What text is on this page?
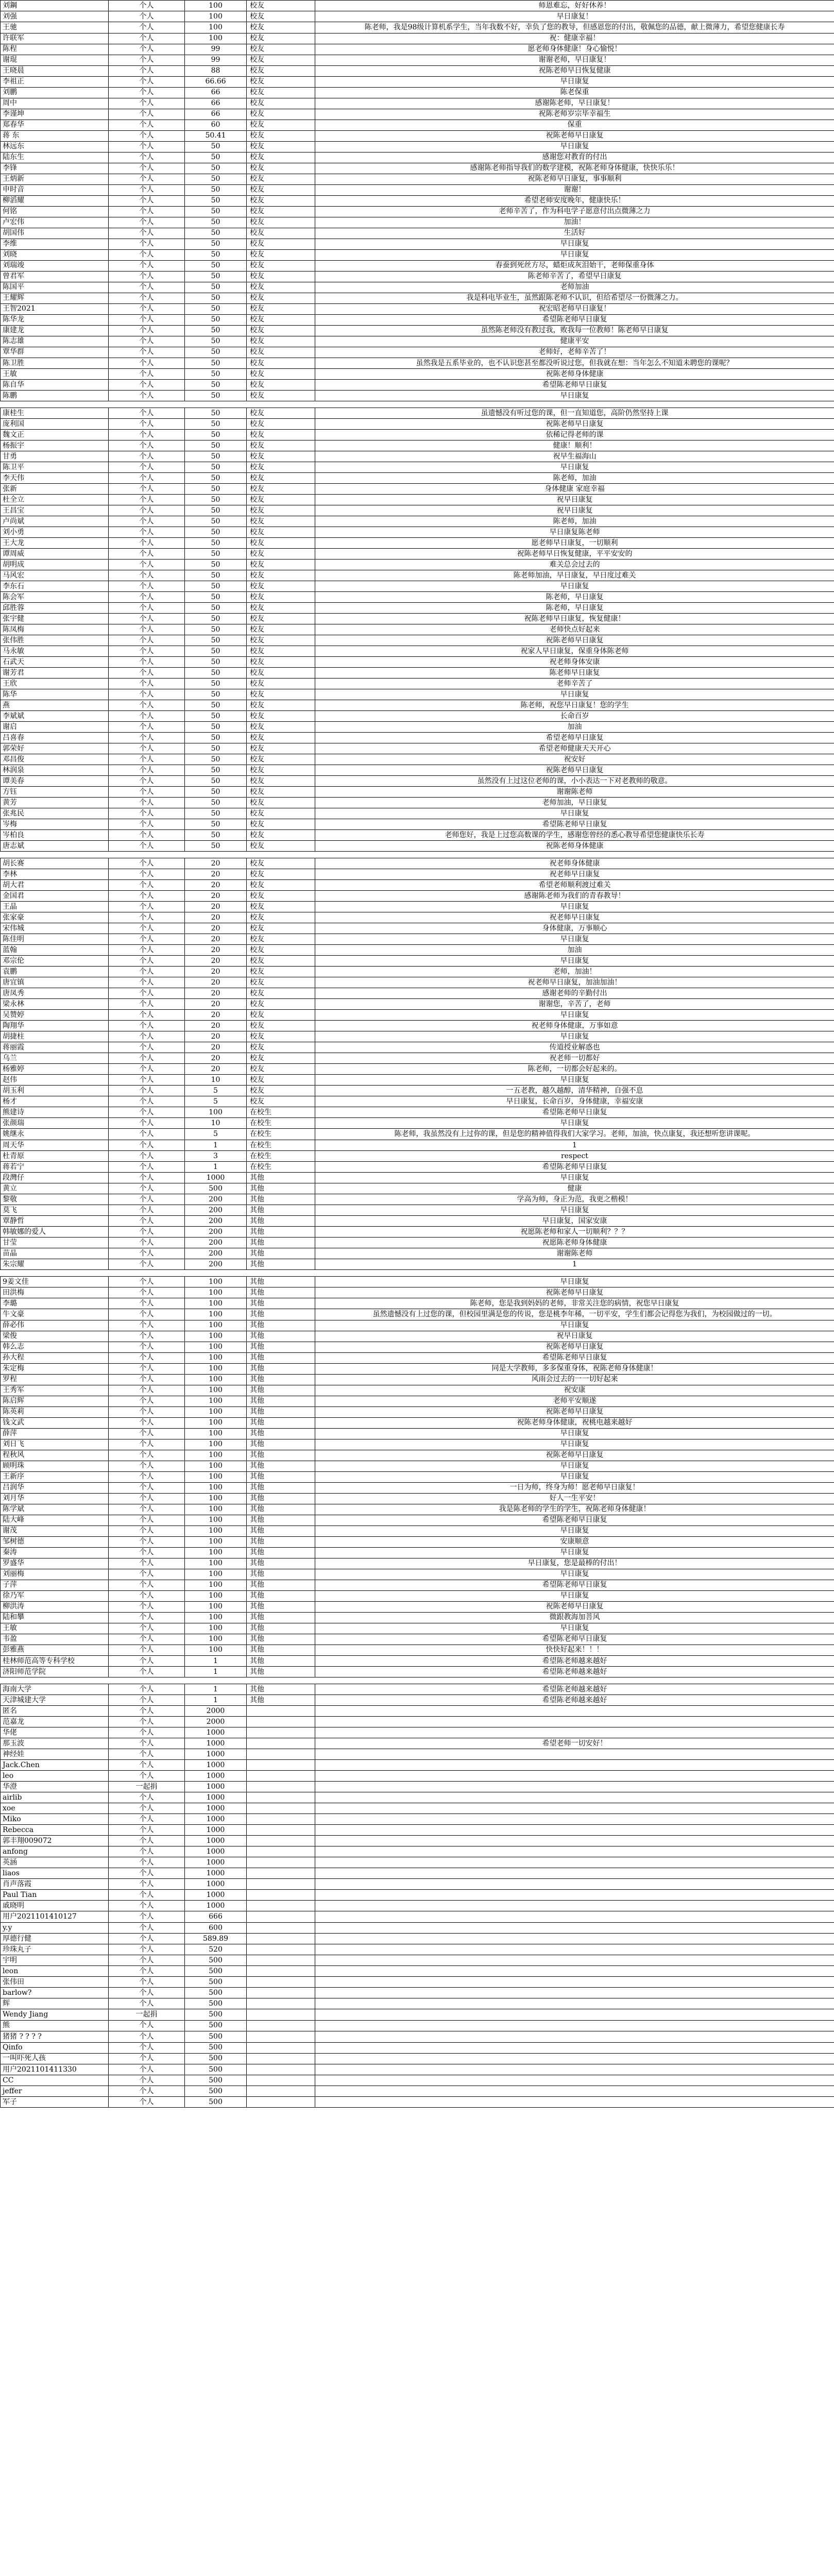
刘鋼	个人	100	校友	师恩难忘，好好休养！
刘强	个人	100	校友	早日康复！
王驰	个人	100	校友	陈老师，我是98级计算机系学生，当年我数不好，幸负了您的教导，但感恩您的付出，敬佩您的品德，献上微薄力，希望您健康长寿
许联军	个人	100	校友	祝：健康幸福！
陈程	个人	99	校友	愿老师身体健康！身心愉悦！
谢琨	个人	99	校友	谢谢老师，早日康复！
王晓晨	个人	88	校友	祝陈老师早日恢复健康
李祖正	个人	66.66	校友	早日康复
刘鹏	个人	66	校友	陈老保重
周中	个人	66	校友	感谢陈老师，早日康复！
李谨坤	个人	66	校友	祝陈老师岁宗毕幸福生
郑春华	个人	60	校友	保重
蒋 东	个人	50.41	校友	祝陈老师早日康复
林远东	个人	50	校友	早日康复
陆东生	个人	50	校友	感谢您对教育的付出
李锋	个人	50	校友	感谢陈老师指导我们的数学建模，祝陈老师身体健康，快快乐乐！
王炳新	个人	50	校友	祝陈老师早日康复，事事顺利
申时音	个人	50	校友	谢谢！
柳滔耀	个人	50	校友	希望老师安度晚年，健康快乐！
何铭	个人	50	校友	老师辛苦了，作为科电学子愿意付出点微薄之力
卢宏伟	个人	50	校友	加油！
胡国伟	个人	50	校友	生活好
李维	个人	50	校友	早日康复
刘晓	个人	50	校友	早日康复
刘瑞竣	个人	50	校友	春蚕到死丝方尽，蜡炬成灰泪始干，老师保重身体
曾君军	个人	50	校友	陈老师辛苦了，希望早日康复
陈国平	个人	50	校友	老师加油
王耀辉	个人	50	校友	我是科电毕业生，虽然跟陈老师不认识，但给希望尽一份微薄之力。
王智2021	个人	50	校友	祝宏昭老师早日康复！
陈华龙	个人	50	校友	希望陈老师早日康复
康建龙	个人	50	校友	虽然陈老师没有教过我，败我每一位教师！陈老师早日康复
陈志雄	个人	50	校友	健康平安
覃华群	个人	50	校友	老师好，老师辛苦了！
陈卫胜	个人	50	校友	虽然我是五系毕业的，也不认识您甚至都没听说过您，但我就在想：当年怎么不知道未聘您的课呢？
王敏	个人	50	校友	祝陈老师身体健康
陈自华	个人	50	校友	希望陈老师早日康复
陈鹏	个人	50	校友	早日康复
康桂生	个人	50	校友	虽遗憾没有听过您的课，但一直知道您，高阶仍然坚持上课
庞利国	个人	50	校友	祝陈老师早日康复
魏文正	个人	50	校友	依稀记得老师的课
杨振宇	个人	50	校友	健康！顺利！
甘勇	个人	50	校友	祝早生福海山
陈卫平	个人	50	校友	早日康复
李天伟	个人	50	校友	陈老师，加油
张新	个人	50	校友	身体健康 家庭幸福
杜全立	个人	50	校友	祝早日康复
王昌宝	个人	50	校友	祝早日康复
卢尚斌	个人	50	校友	陈老师，加油
刘小勇	个人	50	校友	早日康复陈老师
王大龙	个人	50	校友	愿老师早日康复，一切顺利
谭周威	个人	50	校友	祝陈老师早日恢复健康，平平安安的
胡明成	个人	50	校友	难关总会过去的
马风宏	个人	50	校友	陈老师加油，早日康复，早日度过难关
李东石	个人	50	校友	早日康复
陈会军	个人	50	校友	陈老师，早日康复
邱胜蓉	个人	50	校友	陈老师，早日康复
张宇健	个人	50	校友	祝陈老师早日康复，恢复健康！
陈凤梅	个人	50	校友	老师快点好起来
张伟胜	个人	50	校友	祝陈老师早日康复
马永敏	个人	50	校友	祝家人早日康复，保重身体陈老师
石武天	个人	50	校友	祝老师身体安康
谢芳君	个人	50	校友	陈老师早日康复
王欣	个人	50	校友	老师辛苦了
陈华	个人	50	校友	早日康复
燕	个人	50	校友	陈老师，祝您早日康复！您的学生
李斌斌	个人	50	校友	长命百岁
谢启	个人	50	校友	加油
吕喜春	个人	50	校友	希望老师早日康复
郭荣好	个人	50	校友	希望老师健康天天开心
邓昌俊	个人	50	校友	祝安好
林润泉	个人	50	校友	祝陈老师早日康复
谭美春	个人	50	校友	虽然没有上过这位老师的课，小小表达一下对老教师的敬意。
方钰	个人	50	校友	谢谢陈老师
黄芳	个人	50	校友	老师加油，早日康复
张兆民	个人	50	校友	早日康复
岑梅	个人	50	校友	希望陈老师早日康复
岑柏良	个人	50	校友	老师您好，我是上过您高数课的学生，感谢您曾经的悉心教导希望您健康快乐长寿
唐志斌	个人	50	校友	祝陈老师身体健康
胡长赛	个人	20	校友	祝老师身体健康
李林	个人	20	校友	祝老师早日康复
胡大君	个人	20	校友	希望老师顺利渡过难关
金国君	个人	20	校友	感谢陈老师为我们的青春教导！
王晶	个人	20	校友	早日康复
张家豪	个人	20	校友	祝老师早日康复
宋伟城	个人	20	校友	身体健康，万事顺心
陈佳明	个人	20	校友	早日康复
蓝翰	个人	20	校友	加油
邓宗伦	个人	20	校友	早日康复
袁鹏	个人	20	校友	老师，加油！
唐宜镇	个人	20	校友	祝老师早日康复，加油加油！
唐凤秀	个人	20	校友	感谢老师的辛勤付出
梁永林	个人	20	校友	谢谢您，辛苦了，老师
吴赞婷	个人	20	校友	早日康复
陶翔华	个人	20	校友	祝老师身体健康，万事如意
胡捷柱	个人	20	校友	早日康复
蒋丽霞	个人	20	校友	传道授业解惑也
乌兰	个人	20	校友	祝老师一切都好
杨雅婷	个人	20	校友	陈老师，一切都会好起来的。
赵伟	个人	10	校友	早日康复
胡玉利	个人	5	校友	一五老教，越久越醇，清华精神，自强不息
杨才	个人	5	校友	早日康复，长命百岁，身体健康，幸福安康
熊建诗	个人	100	在校生	希望陈老师早日康复
张颜瑞	个人	10	在校生	早日康复
姚继永	个人	5	在校生	陈老师，我虽然没有上过你的课，但是您的精神值得我们大家学习。老师，加油，快点康复，我还想听您讲课呢。
周天华	个人	1	在校生	1
杜青原	个人	3	在校生	respect
蒋若宁	个人	1	在校生	希望陈老师早日康复
段灣仔	个人	1000	其他	早日康复
黄立	个人	500	其他	健康
黎敬	个人	200	其他	学高为师，身正为范，我更之楷模！
莫飞	个人	200	其他	早日康复
覃静哲	个人	200	其他	早日康复，国家安康
韩敏娜的爱人	个人	200	其他	祝愿陈老师和家人一切顺利？？？
甘莹	个人	200	其他	祝愿陈老师身体健康
苗晶	个人	200	其他	谢谢陈老师
朱宗耀	个人	200	其他	1
9姜文佳	个人	100	其他	早日康复
田洪梅	个人	100	其他	祝陈老师早日康复
李璐	个人	100	其他	陈老师，您是我到妈妈的老师，非常关注您的病情，祝您早日康复
牛文豪	个人	100	其他	虽然遗憾没有上过您的课，但校园里满是您的传说，您是桃李年稀，一切平安，学生们都会记得您为我们，为校园做过的一切。
薛必伟	个人	100	其他	早日康复
梁俊	个人	100	其他	祝早日康复
韩么志	个人	100	其他	祝陈老师早日康复
孙大程	个人	100	其他	希望陈老师早日康复
朱定梅	个人	100	其他	同是大学教师，多多保重身体，祝陈老师身体健康！
罗程	个人	100	其他	风雨会过去的一一切好起来
王秀军	个人	100	其他	祝安康
陈启辉	个人	100	其他	老师平安顺遂
陈英莉	个人	100	其他	祝陈老师早日康复
钱文武	个人	100	其他	祝陈老师身体健康，祝桃电越来越好
薛萍	个人	100	其他	早日康复
刘日飞	个人	100	其他	早日康复
程秋风	个人	100	其他	祝陈老师早日康复
顾明珠	个人	100	其他	早日康复
王新序	个人	100	其他	早日康复
吕润华	个人	100	其他	一日为师，终身为师！愿老师早日康复！
刘月华	个人	100	其他	好人一生平安！
陈学斌	个人	100	其他	我是陈老师的学生的学生，祝陈老师身体健康！
陆大峰	个人	100	其他	希望陈老师早日康复
谢茂	个人	100	其他	早日康复
邹树德	个人	100	其他	安康顺意
秦涛	个人	100	其他	早日康复
罗盛华	个人	100	其他	早日康复，您是最棒的付出！
刘丽梅	个人	100	其他	早日康复
子萍	个人	100	其他	希望陈老师早日康复
徐乃军	个人	100	其他	早日康复
柳洪涛	个人	100	其他	祝陈老师早日康复
陆和攀	个人	100	其他	微跟教海加菩风
王敏	个人	100	其他	早日康复
韦盈	个人	100	其他	希望陈老师早日康复
彭雅燕	个人	100	其他	快快好起来！！！
桂林师范高等专科学校	个人	1	其他	希望陈老师越来越好
济阳师范学院	个人	1	其他	希望陈老师越来越好
海南大学	个人	1	其他	希望陈老师越来越好
天津城建大学	个人	1	其他	希望陈老师越来越好
匿名	个人	2000		
范嘉龙	个人	2000		
华佬	个人	1000		
那玉波	个人	1000		希望老师一切安好！
神经娃	个人	1000		
Jack.Chen	个人	1000		
leo	个人	1000		
华澄	一起捐	1000		
airlib	个人	1000		
xoe	个人	1000		
Miko	个人	1000		
Rebecca	个人	1000		
郭丰翔009072	个人	1000		
anfong	个人	1000		
英涵	个人	1000		
liaos	个人	1000		
肖声落霞	个人	1000		
Paul Tian	个人	1000		
戚晓明	个人	1000		
用户2021101410127	个人	666		
y.y	个人	600		
厚德行健	个人	589.89		
珍珠丸子	个人	520		
宇明	个人	500		
leon	个人	500		
张伟田	个人	500		
barlow?	个人	500		
辉	个人	500		
Wendy Jiang	一起捐	500		
熊	个人	500		
猪猪 ? ? ? ?	个人	500		
Qinfo	个人	500		
一叫吓死人孩	个人	500		
用户2021101411330	个人	500		
CC	个人	500		
jeffer	个人	500		
军子	个人	500		
